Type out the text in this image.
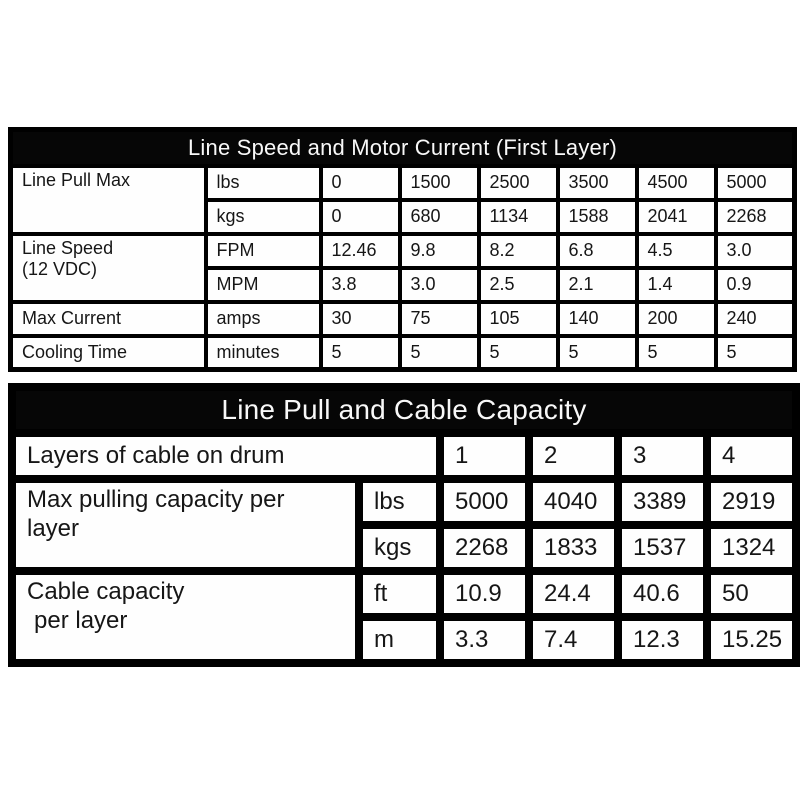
Line Speed and Motor Current (First Layer)							
Line Pull Max	lbs	0	1500	2500	3500	4500	5000
	kgs	0	680	1134	1588	2041	2268

Line Speed
(12 VDC)	FPM	12.46	9.8	8.2	6.8	4.5	3.0
	MPM	3.8	3.0	2.5	2.1	1.4	0.9
Max Current	amps	30	75	105	140	200	240
Cooling Time	minutes	5	5	5	5	5	5
Line Pull and Cable Capacity					
Layers of cable on drum		1	2	3	4

Max pulling capacity per
layer	lbs	5000	4040	3389	2919
	kgs	2268	1833	1537	1324

Cable capacity
per layer	ft	10.9	24.4	40.6	50
	m	3.3	7.4	12.3	15.25
